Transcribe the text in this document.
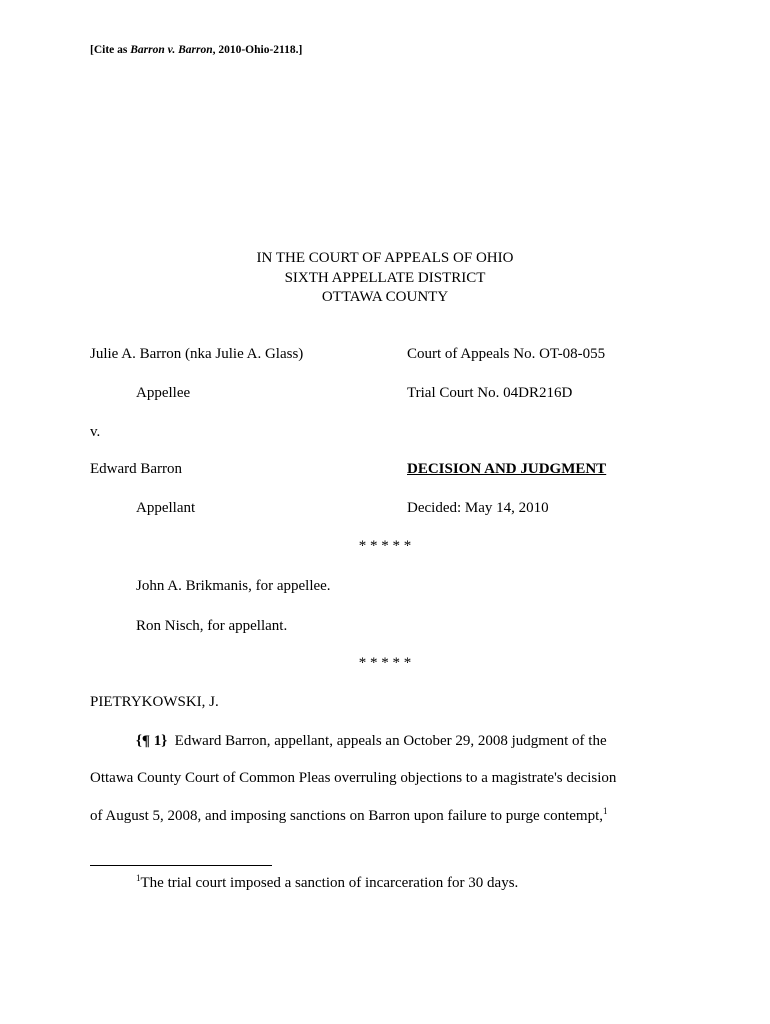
[Cite as Barron v. Barron, 2010-Ohio-2118.]
IN THE COURT OF APPEALS OF OHIO
SIXTH APPELLATE DISTRICT
OTTAWA COUNTY
Julie A. Barron (nka Julie A. Glass)	Court of Appeals No. OT-08-055
Appellee	Trial Court No. 04DR216D
v.
Edward Barron	DECISION AND JUDGMENT
Appellant	Decided: May 14, 2010
* * * * *
John A. Brikmanis, for appellee.
Ron Nisch, for appellant.
* * * * *
PIETRYKOWSKI, J.
{¶ 1} Edward Barron, appellant, appeals an October 29, 2008 judgment of the
Ottawa County Court of Common Pleas overruling objections to a magistrate's decision
of August 5, 2008, and imposing sanctions on Barron upon failure to purge contempt,$^1$
$^1$The trial court imposed a sanction of incarceration for 30 days.
